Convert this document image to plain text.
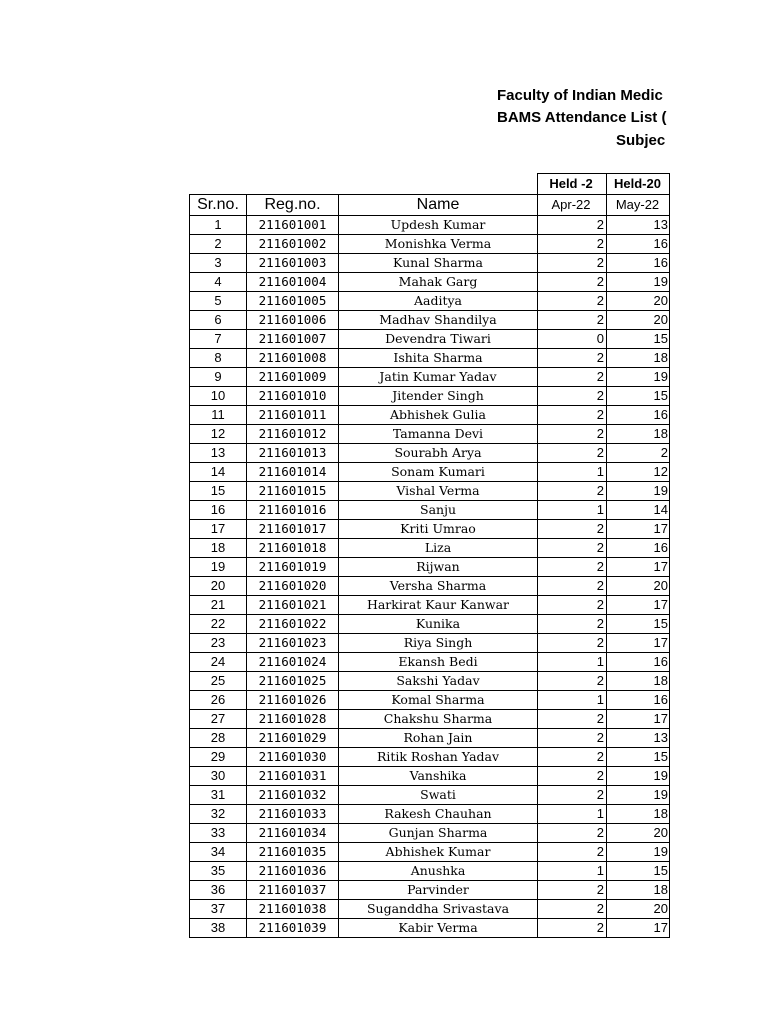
Faculty of Indian Medic
BAMS Attendance List (
Subjec
			Held -2	Held-20
Sr.no.	Reg.no.	Name	Apr-22	May-22
1	211601001	Updesh Kumar	2	13
2	211601002	Monishka Verma	2	16
3	211601003	Kunal Sharma	2	16
4	211601004	Mahak Garg	2	19
5	211601005	Aaditya	2	20
6	211601006	Madhav Shandilya	2	20
7	211601007	Devendra Tiwari	0	15
8	211601008	Ishita Sharma	2	18
9	211601009	Jatin Kumar Yadav	2	19
10	211601010	Jitender Singh	2	15
11	211601011	Abhishek Gulia	2	16
12	211601012	Tamanna Devi	2	18
13	211601013	Sourabh Arya	2	2
14	211601014	Sonam Kumari	1	12
15	211601015	Vishal Verma	2	19
16	211601016	Sanju	1	14
17	211601017	Kriti Umrao	2	17
18	211601018	Liza	2	16
19	211601019	Rijwan	2	17
20	211601020	Versha Sharma	2	20
21	211601021	Harkirat Kaur Kanwar	2	17
22	211601022	Kunika	2	15
23	211601023	Riya Singh	2	17
24	211601024	Ekansh Bedi	1	16
25	211601025	Sakshi Yadav	2	18
26	211601026	Komal Sharma	1	16
27	211601028	Chakshu Sharma	2	17
28	211601029	Rohan Jain	2	13
29	211601030	Ritik Roshan Yadav	2	15
30	211601031	Vanshika	2	19
31	211601032	Swati	2	19
32	211601033	Rakesh Chauhan	1	18
33	211601034	Gunjan Sharma	2	20
34	211601035	Abhishek Kumar	2	19
35	211601036	Anushka	1	15
36	211601037	Parvinder	2	18
37	211601038	Suganddha Srivastava	2	20
38	211601039	Kabir Verma	2	17
